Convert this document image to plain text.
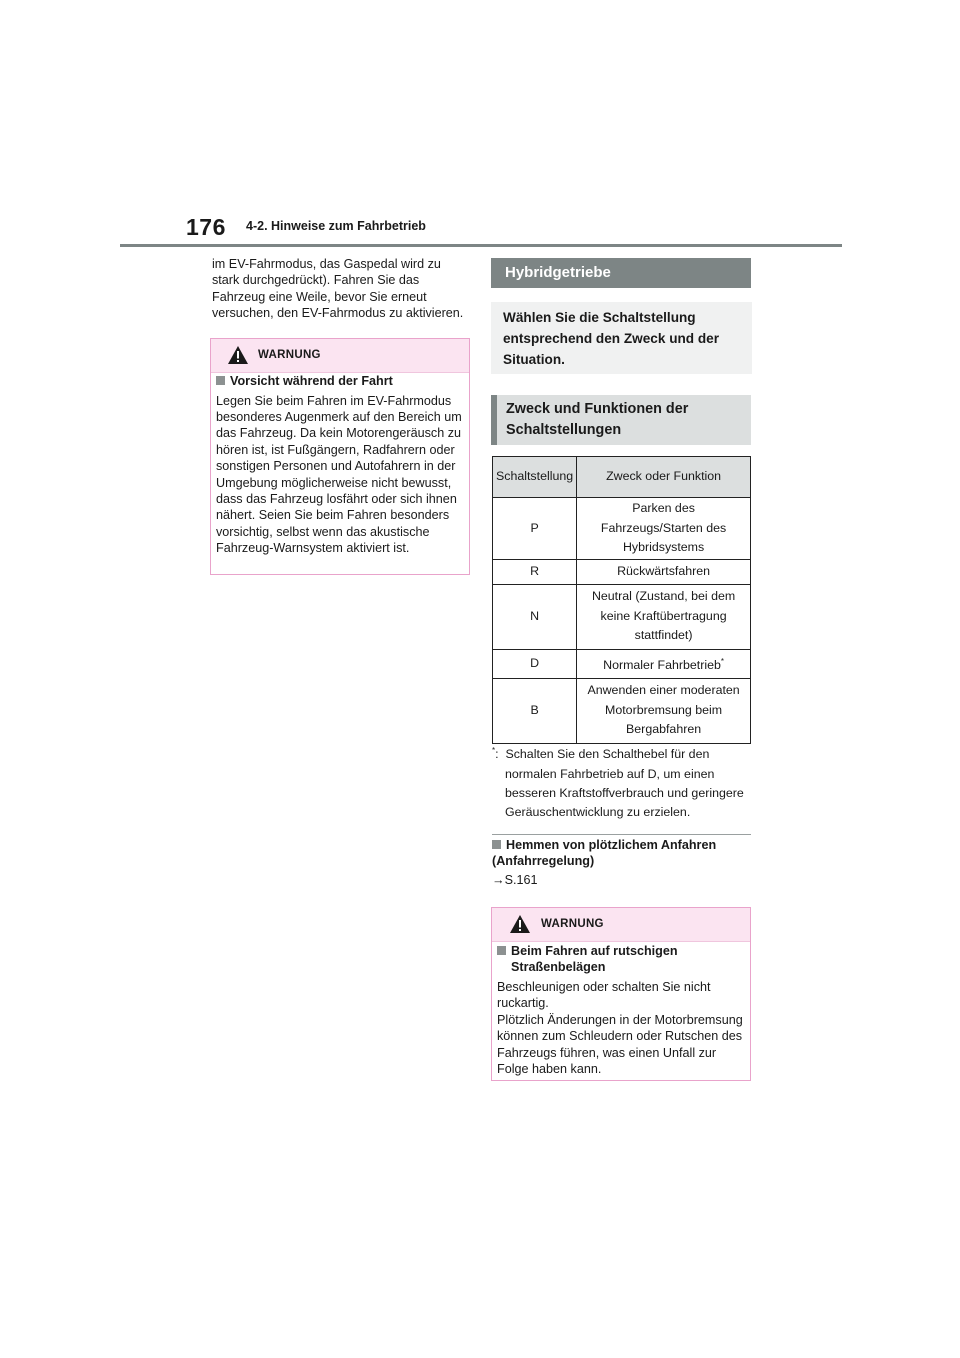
176 4-2. Hinweise zum Fahrbetrieb

im EV-Fahrmodus, das Gaspedal wird zu stark durchgedrückt). Fahren Sie das Fahrzeug eine Weile, bevor Sie erneut versuchen, den EV-Fahrmodus zu aktivieren.

WARNUNG
Vorsicht während der Fahrt

Legen Sie beim Fahren im EV-Fahrmodus besonderes Augenmerk auf den Bereich um das Fahrzeug. Da kein Motorengeräusch zu hören ist, ist Fußgängern, Radfahrern oder sonstigen Personen und Autofahrern in der Umgebung möglicherweise nicht bewusst, dass das Fahrzeug losfährt oder sich ihnen nähert. Seien Sie beim Fahren besonders vorsichtig, selbst wenn das akustische Fahrzeug-Warnsystem aktiviert ist.

Hybridgetriebe
Wählen Sie die Schaltstellung entsprechend den Zweck und der Situation.
Zweck und Funktionen der Schaltstellungen
Schaltstellung	Zweck oder Funktion
P	Parken des Fahrzeugs/Starten des Hybridsystems
R	Rückwärtsfahren
N	Neutral (Zustand, bei dem keine Kraftübertragung stattfindet)
D	Normaler Fahrbetrieb*
B	Anwenden einer moderaten Motorbremsung beim Bergabfahren
*:  Schalten Sie den Schalthebel für den normalen Fahrbetrieb auf D, um einen besseren Kraftstoffverbrauch und geringere Geräuschentwicklung zu erzielen.
Hemmen von plötzlichem Anfahren (Anfahrregelung)
→S.161
WARNUNG
Beim Fahren auf rutschigen Straßenbelägen

Beschleunigen oder schalten Sie nicht ruckartig.

Plötzlich Änderungen in der Motorbremsung können zum Schleudern oder Rutschen des Fahrzeugs führen, was einen Unfall zur Folge haben kann.
